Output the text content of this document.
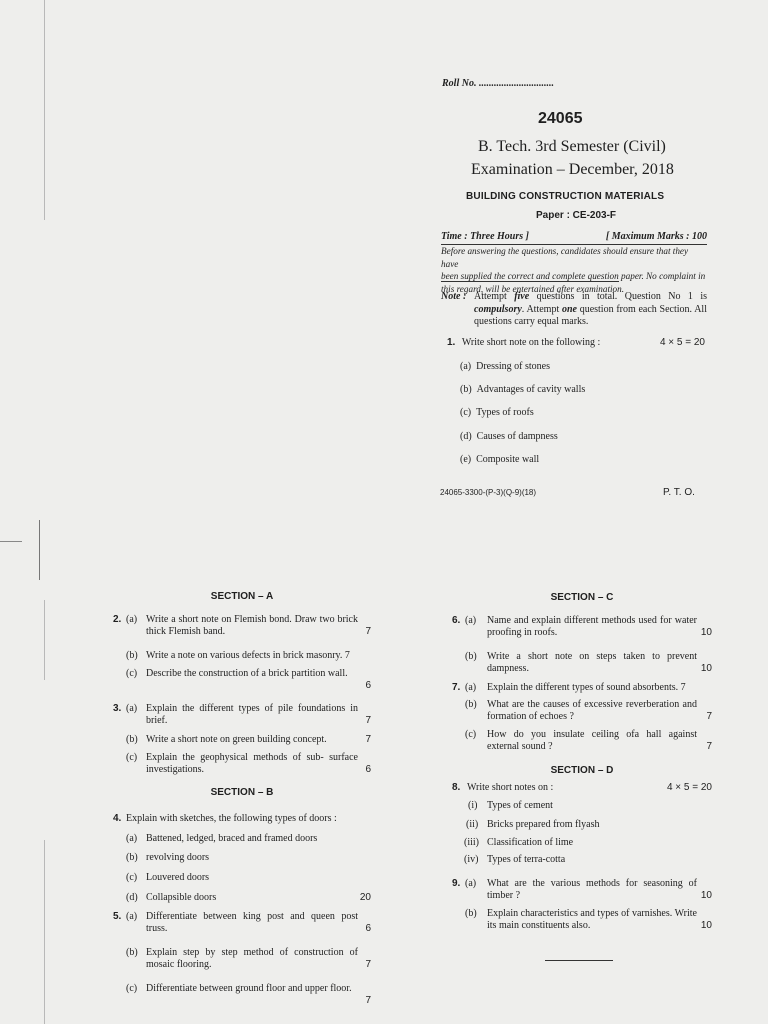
Roll No. ..............................
24065
B. Tech. 3rd Semester (Civil)
Examination – December, 2018
BUILDING CONSTRUCTION MATERIALS
Paper : CE-203-F
Time : Three Hours ]	[ Maximum Marks : 100
Before answering the questions, candidates should ensure that they have
been supplied the correct and complete question paper. No complaint in
this regard, will be entertained after examination.
Note : Attempt five questions in total. Question No 1 is compulsory. Attempt one question from each Section. All questions carry equal marks.
1. Write short note on the following :	4 × 5 = 20
(a) Dressing of stones
(b) Advantages of cavity walls
(c) Types of roofs
(d) Causes of dampness
(e) Composite wall
24065-3300-(P-3)(Q-9)(18)	P. T. O.
SECTION – A
2. (a) Write a short note on Flemish bond. Draw two brick thick Flemish band.	7
(b) Write a note on various defects in brick masonry. 7
(c) Describe the construction of a brick partition wall.
6
3. (a) Explain the different types of pile foundations in brief.	7
(b) Write a short note on green building concept.	7
(c) Explain the geophysical methods of sub- surface investigations.	6
SECTION – B
4. Explain with sketches, the following types of doors :
(a) Battened, ledged, braced and framed doors
(b) revolving doors
(c) Louvered doors
(d) Collapsible doors	20
5. (a) Differentiate between king post and queen post truss.	6
(b) Explain step by step method of construction of mosaic flooring.	7
(c) Differentiate between ground floor and upper floor.
7
SECTION – C
6. (a) Name and explain different methods used for water proofing in roofs.	10
(b) Write a short note on steps taken to prevent dampness.	10
7. (a) Explain the different types of sound absorbents. 7
(b) What are the causes of excessive reverberation and formation of echoes ?	7
(c) How do you insulate ceiling ofa hall against external sound ?	7
SECTION – D
8. Write short notes on :	4 × 5 = 20
(i) Types of cement
(ii) Bricks prepared from flyash
(iii) Classification of lime
(iv) Types of terra-cotta
9. (a) What are the various methods for seasoning of timber ?	10
(b) Explain characteristics and types of varnishes. Write its main constituents also.	10
